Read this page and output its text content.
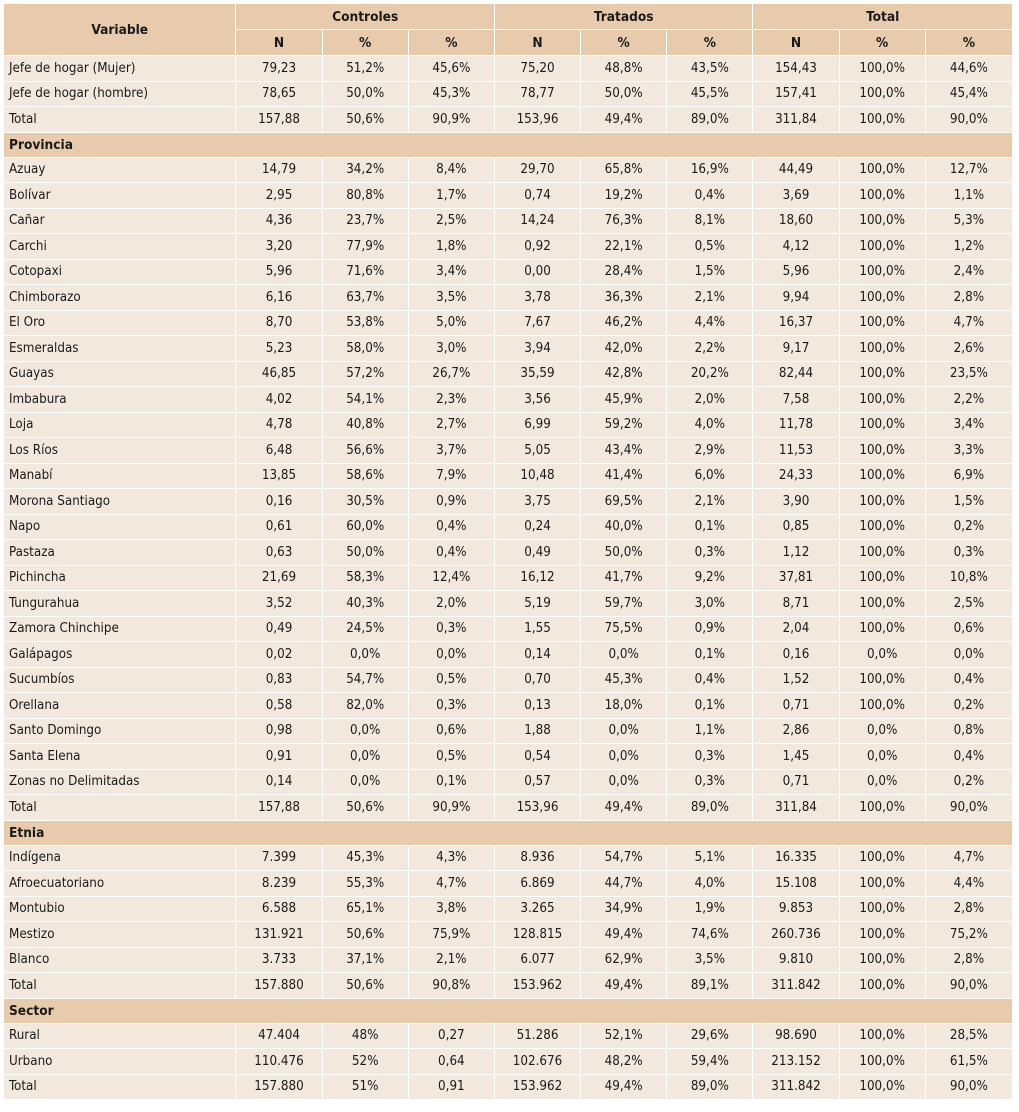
Variable	Controles			Tratados			Total		
	N	%	%	N	%	%	N	%	%
Jefe de hogar (Mujer)	79,23	51,2%	45,6%	75,20	48,8%	43,5%	154,43	100,0%	44,6%
Jefe de hogar (hombre)	78,65	50,0%	45,3%	78,77	50,0%	45,5%	157,41	100,0%	45,4%
Total	157,88	50,6%	90,9%	153,96	49,4%	89,0%	311,84	100,0%	90,0%
Provincia									
Azuay	14,79	34,2%	8,4%	29,70	65,8%	16,9%	44,49	100,0%	12,7%
Bolívar	2,95	80,8%	1,7%	0,74	19,2%	0,4%	3,69	100,0%	1,1%
Cañar	4,36	23,7%	2,5%	14,24	76,3%	8,1%	18,60	100,0%	5,3%
Carchi	3,20	77,9%	1,8%	0,92	22,1%	0,5%	4,12	100,0%	1,2%
Cotopaxi	5,96	71,6%	3,4%	0,00	28,4%	1,5%	5,96	100,0%	2,4%
Chimborazo	6,16	63,7%	3,5%	3,78	36,3%	2,1%	9,94	100,0%	2,8%
El Oro	8,70	53,8%	5,0%	7,67	46,2%	4,4%	16,37	100,0%	4,7%
Esmeraldas	5,23	58,0%	3,0%	3,94	42,0%	2,2%	9,17	100,0%	2,6%
Guayas	46,85	57,2%	26,7%	35,59	42,8%	20,2%	82,44	100,0%	23,5%
Imbabura	4,02	54,1%	2,3%	3,56	45,9%	2,0%	7,58	100,0%	2,2%
Loja	4,78	40,8%	2,7%	6,99	59,2%	4,0%	11,78	100,0%	3,4%
Los Ríos	6,48	56,6%	3,7%	5,05	43,4%	2,9%	11,53	100,0%	3,3%
Manabí	13,85	58,6%	7,9%	10,48	41,4%	6,0%	24,33	100,0%	6,9%
Morona Santiago	0,16	30,5%	0,9%	3,75	69,5%	2,1%	3,90	100,0%	1,5%
Napo	0,61	60,0%	0,4%	0,24	40,0%	0,1%	0,85	100,0%	0,2%
Pastaza	0,63	50,0%	0,4%	0,49	50,0%	0,3%	1,12	100,0%	0,3%
Pichincha	21,69	58,3%	12,4%	16,12	41,7%	9,2%	37,81	100,0%	10,8%
Tungurahua	3,52	40,3%	2,0%	5,19	59,7%	3,0%	8,71	100,0%	2,5%
Zamora Chinchipe	0,49	24,5%	0,3%	1,55	75,5%	0,9%	2,04	100,0%	0,6%
Galápagos	0,02	0,0%	0,0%	0,14	0,0%	0,1%	0,16	0,0%	0,0%
Sucumbíos	0,83	54,7%	0,5%	0,70	45,3%	0,4%	1,52	100,0%	0,4%
Orellana	0,58	82,0%	0,3%	0,13	18,0%	0,1%	0,71	100,0%	0,2%
Santo Domingo	0,98	0,0%	0,6%	1,88	0,0%	1,1%	2,86	0,0%	0,8%
Santa Elena	0,91	0,0%	0,5%	0,54	0,0%	0,3%	1,45	0,0%	0,4%
Zonas no Delimitadas	0,14	0,0%	0,1%	0,57	0,0%	0,3%	0,71	0,0%	0,2%
Total	157,88	50,6%	90,9%	153,96	49,4%	89,0%	311,84	100,0%	90,0%
Etnia									
Indígena	7.399	45,3%	4,3%	8.936	54,7%	5,1%	16.335	100,0%	4,7%
Afroecuatoriano	8.239	55,3%	4,7%	6.869	44,7%	4,0%	15.108	100,0%	4,4%
Montubio	6.588	65,1%	3,8%	3.265	34,9%	1,9%	9.853	100,0%	2,8%
Mestizo	131.921	50,6%	75,9%	128.815	49,4%	74,6%	260.736	100,0%	75,2%
Blanco	3.733	37,1%	2,1%	6.077	62,9%	3,5%	9.810	100,0%	2,8%
Total	157.880	50,6%	90,8%	153.962	49,4%	89,1%	311.842	100,0%	90,0%
Sector									
Rural	47.404	48%	0,27	51.286	52,1%	29,6%	98.690	100,0%	28,5%
Urbano	110.476	52%	0,64	102.676	48,2%	59,4%	213.152	100,0%	61,5%
Total	157.880	51%	0,91	153.962	49,4%	89,0%	311.842	100,0%	90,0%
